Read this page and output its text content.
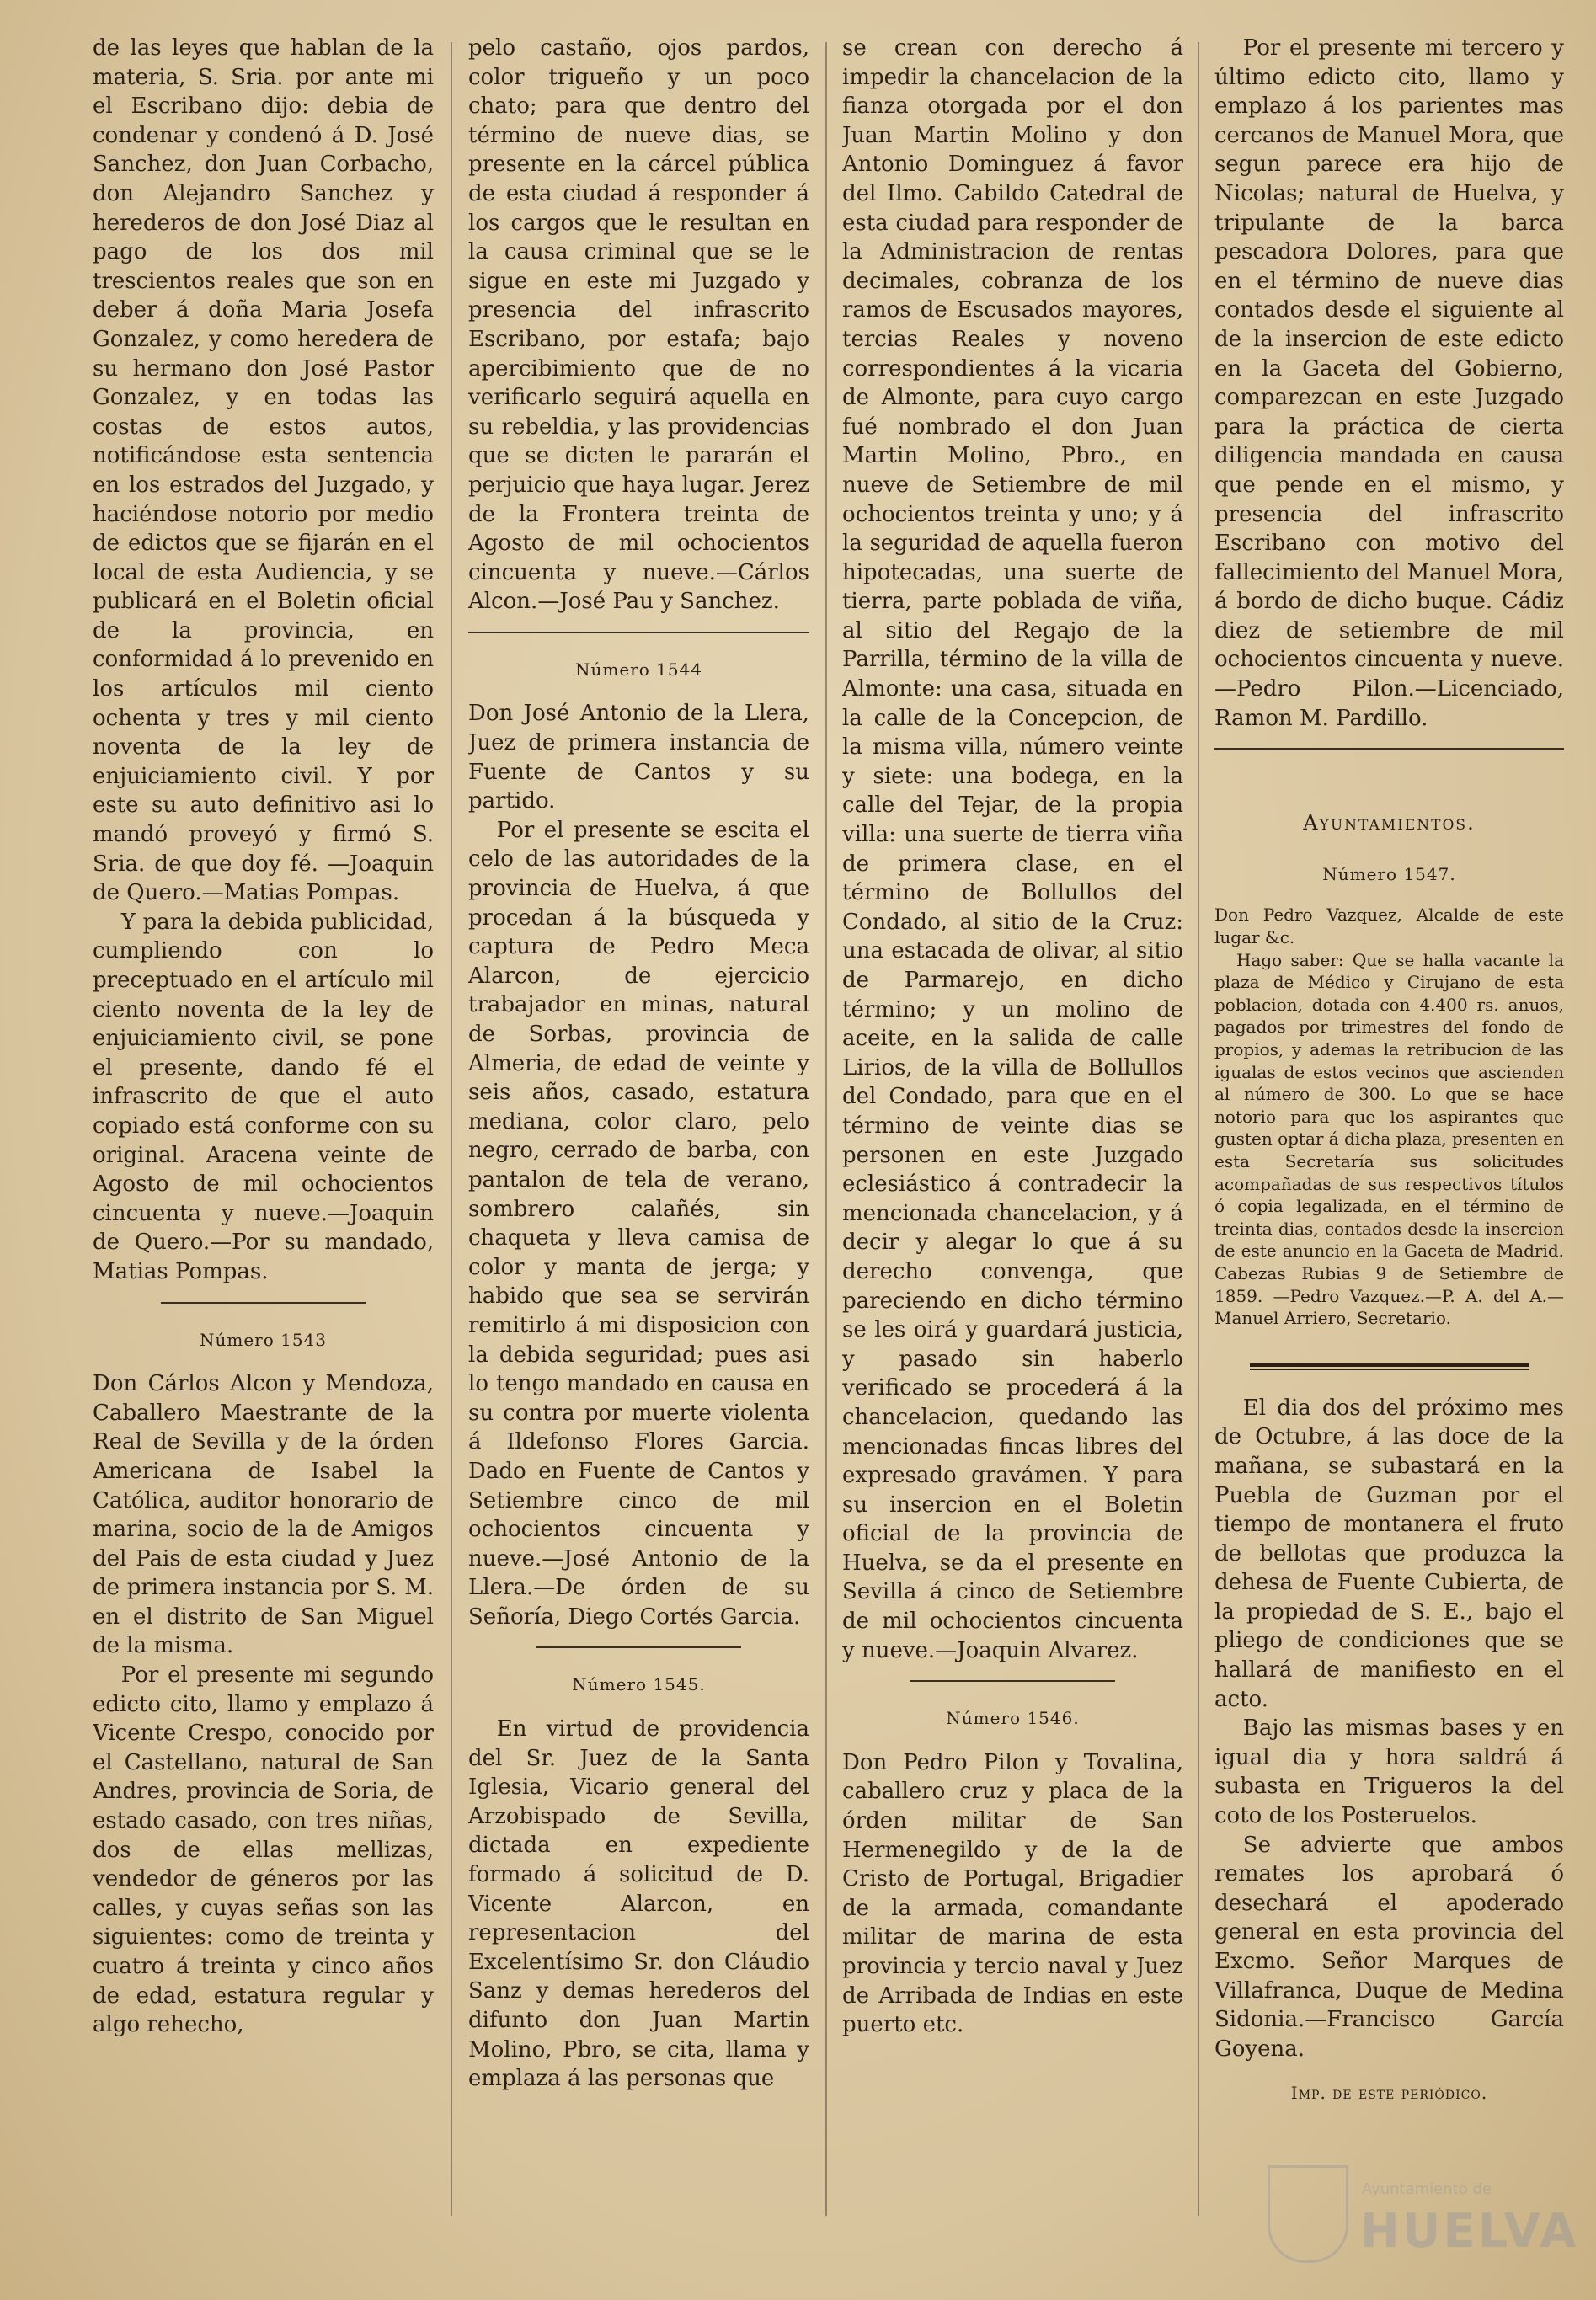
de las leyes que hablan de la materia, S. Sria. por ante mi el Escribano dijo: debia de condenar y condenó á D. José Sanchez, don Juan Corbacho, don Alejandro Sanchez y herederos de don José Diaz al pago de los dos mil trescientos reales que son en deber á doña Maria Josefa Gonzalez, y como heredera de su hermano don José Pastor Gonzalez, y en todas las costas de estos autos, notificándose esta sentencia en los estrados del Juzgado, y haciéndose notorio por medio de edictos que se fijarán en el local de esta Audiencia, y se publicará en el Boletin oficial de la provincia, en conformidad á lo prevenido en los artículos mil ciento ochenta y tres y mil ciento noventa de la ley de enjuiciamiento civil. Y por este su auto definitivo asi lo mandó proveyó y firmó S. Sria. de que doy fé. —Joaquin de Quero.—Matias Pompas.

Y para la debida publicidad, cumpliendo con lo preceptuado en el artículo mil ciento noventa de la ley de enjuiciamiento civil, se pone el presente, dando fé el infrascrito de que el auto copiado está conforme con su original. Aracena veinte de Agosto de mil ochocientos cincuenta y nueve.—Joaquin de Quero.—Por su mandado, Matias Pompas.

Número 1543

Don Cárlos Alcon y Mendoza, Caballero Maestrante de la Real de Sevilla y de la órden Americana de Isabel la Católica, auditor honorario de marina, socio de la de Amigos del Pais de esta ciudad y Juez de primera instancia por S. M. en el distrito de San Miguel de la misma.

Por el presente mi segundo edicto cito, llamo y emplazo á Vicente Crespo, conocido por el Castellano, natural de San Andres, provincia de Soria, de estado casado, con tres niñas, dos de ellas mellizas, vendedor de géneros por las calles, y cuyas señas son las siguientes: como de treinta y cuatro á treinta y cinco años de edad, estatura regular y algo rehecho,

pelo castaño, ojos pardos, color trigueño y un poco chato; para que dentro del término de nueve dias, se presente en la cárcel pública de esta ciudad á responder á los cargos que le resultan en la causa criminal que se le sigue en este mi Juzgado y presencia del infrascrito Escribano, por estafa; bajo apercibimiento que de no verificarlo seguirá aquella en su rebeldia, y las providencias que se dicten le pararán el perjuicio que haya lugar. Jerez de la Frontera treinta de Agosto de mil ochocientos cincuenta y nueve.—Cárlos Alcon.—José Pau y Sanchez.

Número 1544

Don José Antonio de la Llera, Juez de primera instancia de Fuente de Cantos y su partido.

Por el presente se escita el celo de las autoridades de la provincia de Huelva, á que procedan á la búsqueda y captura de Pedro Meca Alarcon, de ejercicio trabajador en minas, natural de Sorbas, provincia de Almeria, de edad de veinte y seis años, casado, estatura mediana, color claro, pelo negro, cerrado de barba, con pantalon de tela de verano, sombrero calañés, sin chaqueta y lleva camisa de color y manta de jerga; y habido que sea se servirán remitirlo á mi disposicion con la debida seguridad; pues asi lo tengo mandado en causa en su contra por muerte violenta á Ildefonso Flores Garcia. Dado en Fuente de Cantos y Setiembre cinco de mil ochocientos cincuenta y nueve.—José Antonio de la Llera.—De órden de su Señoría, Diego Cortés Garcia.

Número 1545.

En virtud de providencia del Sr. Juez de la Santa Iglesia, Vicario general del Arzobispado de Sevilla, dictada en expediente formado á solicitud de D. Vicente Alarcon, en representacion del Excelentísimo Sr. don Cláudio Sanz y demas herederos del difunto don Juan Martin Molino, Pbro, se cita, llama y emplaza á las personas que

se crean con derecho á impedir la chancelacion de la fianza otorgada por el don Juan Martin Molino y don Antonio Dominguez á favor del Ilmo. Cabildo Catedral de esta ciudad para responder de la Administracion de rentas decimales, cobranza de los ramos de Escusados mayores, tercias Reales y noveno correspondientes á la vicaria de Almonte, para cuyo cargo fué nombrado el don Juan Martin Molino, Pbro., en nueve de Setiembre de mil ochocientos treinta y uno; y á la seguridad de aquella fueron hipotecadas, una suerte de tierra, parte poblada de viña, al sitio del Regajo de la Parrilla, término de la villa de Almonte: una casa, situada en la calle de la Concepcion, de la misma villa, número veinte y siete: una bodega, en la calle del Tejar, de la propia villa: una suerte de tierra viña de primera clase, en el término de Bollullos del Condado, al sitio de la Cruz: una estacada de olivar, al sitio de Parmarejo, en dicho término; y un molino de aceite, en la salida de calle Lirios, de la villa de Bollullos del Condado, para que en el término de veinte dias se personen en este Juzgado eclesiástico á contradecir la mencionada chancelacion, y á decir y alegar lo que á su derecho convenga, que pareciendo en dicho término se les oirá y guardará justicia, y pasado sin haberlo verificado se procederá á la chancelacion, quedando las mencionadas fincas libres del expresado gravámen. Y para su insercion en el Boletin oficial de la provincia de Huelva, se da el presente en Sevilla á cinco de Setiembre de mil ochocientos cincuenta y nueve.—Joaquin Alvarez.

Número 1546.

Don Pedro Pilon y Tovalina, caballero cruz y placa de la órden militar de San Hermenegildo y de la de Cristo de Portugal, Brigadier de la armada, comandante militar de marina de esta provincia y tercio naval y Juez de Arribada de Indias en este puerto etc.

Por el presente mi tercero y último edicto cito, llamo y emplazo á los parientes mas cercanos de Manuel Mora, que segun parece era hijo de Nicolas; natural de Huelva, y tripulante de la barca pescadora Dolores, para que en el término de nueve dias contados desde el siguiente al de la insercion de este edicto en la Gaceta del Gobierno, comparezcan en este Juzgado para la práctica de cierta diligencia mandada en causa que pende en el mismo, y presencia del infrascrito Escribano con motivo del fallecimiento del Manuel Mora, á bordo de dicho buque. Cádiz diez de setiembre de mil ochocientos cincuenta y nueve.—Pedro Pilon.—Licenciado, Ramon M. Pardillo.

Ayuntamientos.

Número 1547.

Don Pedro Vazquez, Alcalde de este lugar &c.

Hago saber: Que se halla vacante la plaza de Médico y Cirujano de esta poblacion, dotada con 4.400 rs. anuos, pagados por trimestres del fondo de propios, y ademas la retribucion de las igualas de estos vecinos que ascienden al número de 300. Lo que se hace notorio para que los aspirantes que gusten optar á dicha plaza, presenten en esta Secretaría sus solicitudes acompañadas de sus respectivos títulos ó copia legalizada, en el término de treinta dias, contados desde la insercion de este anuncio en la Gaceta de Madrid. Cabezas Rubias 9 de Setiembre de 1859. —Pedro Vazquez.—P. A. del A.—Manuel Arriero, Secretario.

El dia dos del próximo mes de Octubre, á las doce de la mañana, se subastará en la Puebla de Guzman por el tiempo de montanera el fruto de bellotas que produzca la dehesa de Fuente Cubierta, de la propiedad de S. E., bajo el pliego de condiciones que se hallará de manifiesto en el acto.

Bajo las mismas bases y en igual dia y hora saldrá á subasta en Trigueros la del coto de los Posteruelos.

Se advierte que ambos remates los aprobará ó desechará el apoderado general en esta provincia del Excmo. Señor Marques de Villafranca, Duque de Medina Sidonia.—Francisco García Goyena.

Imp. de este periódico.

Ayuntamiento de
HUELVA
